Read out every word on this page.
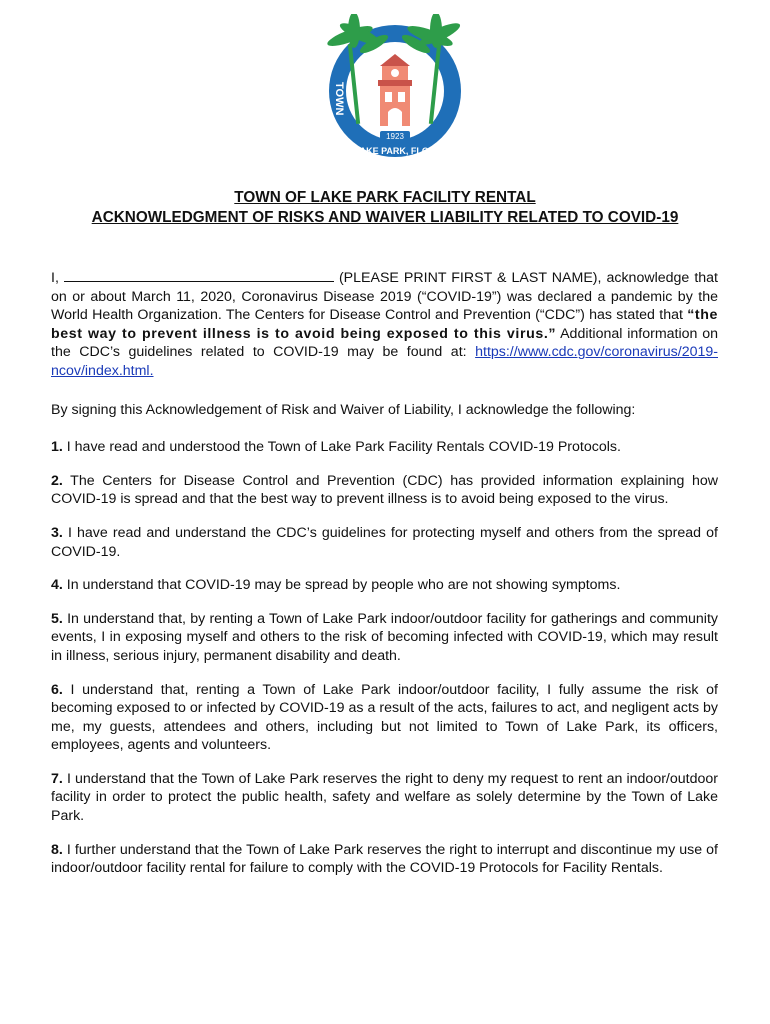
1923
TOWN
OF LAKE PARK, FLORIDA
TOWN OF LAKE PARK FACILITY RENTAL
ACKNOWLEDGMENT OF RISKS AND WAIVER LIABILITY RELATED TO COVID-19

I,	(PLEASE PRINT FIRST & LAST NAME), acknowledge that on or about March 11, 2020, Coronavirus Disease 2019 (“COVID-19”) was declared a pandemic by the World Health Organization. The Centers for Disease Control and Prevention (“CDC”) has stated that “the best way to prevent illness is to avoid being exposed to this virus.” Additional information on the CDC’s guidelines related to COVID-19 may be found at: https://www.cdc.gov/coronavirus/2019-ncov/index.html.

By signing this Acknowledgement of Risk and Waiver of Liability, I acknowledge the following:

1. I have read and understood the Town of Lake Park Facility Rentals COVID-19 Protocols.

2. The Centers for Disease Control and Prevention (CDC) has provided information explaining how COVID-19 is spread and that the best way to prevent illness is to avoid being exposed to the virus.

3. I have read and understand the CDC’s guidelines for protecting myself and others from the spread of COVID-19.

4. In understand that COVID-19 may be spread by people who are not showing symptoms.

5. In understand that, by renting a Town of Lake Park indoor/outdoor facility for gatherings and community events, I in exposing myself and others to the risk of becoming infected with COVID-19, which may result in illness, serious injury, permanent disability and death.

6. I understand that, renting a Town of Lake Park indoor/outdoor facility, I fully assume the risk of becoming exposed to or infected by COVID-19 as a result of the acts, failures to act, and negligent acts by me, my guests, attendees and others, including but not limited to Town of Lake Park, its officers, employees, agents and volunteers.

7. I understand that the Town of Lake Park reserves the right to deny my request to rent an indoor/outdoor facility in order to protect the public health, safety and welfare as solely determine by the Town of Lake Park.

8. I further understand that the Town of Lake Park reserves the right to interrupt and discontinue my use of indoor/outdoor facility rental for failure to comply with the COVID-19 Protocols for Facility Rentals.
